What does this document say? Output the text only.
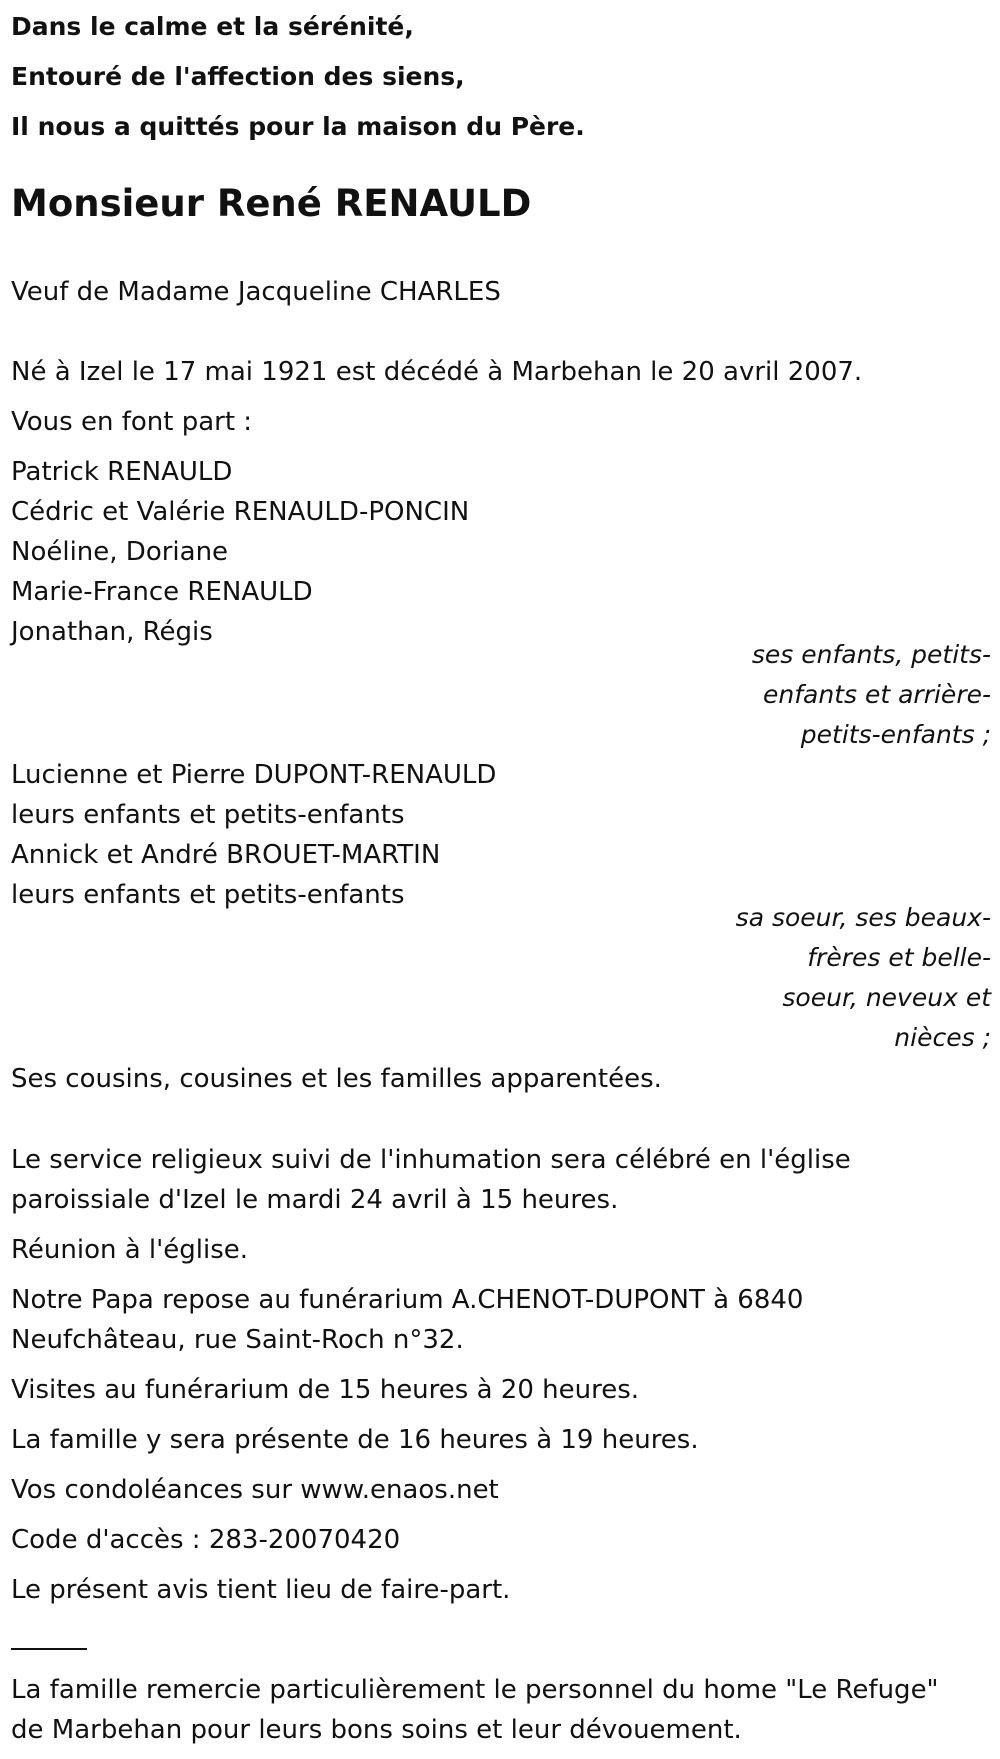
Dans le calme et la sérénité,

Entouré de l'affection des siens,

Il nous a quittés pour la maison du Père.

Monsieur René RENAULD

Veuf de Madame Jacqueline CHARLES

Né à Izel le 17 mai 1921 est décédé à Marbehan le 20 avril 2007.

Vous en font part :

Patrick RENAULD

Cédric et Valérie RENAULD-PONCIN

Noéline, Doriane

Marie-France RENAULD

Jonathan, Régis

ses enfants, petits-
enfants et arrière-
petits-enfants ;

Lucienne et Pierre DUPONT-RENAULD

leurs enfants et petits-enfants

Annick et André BROUET-MARTIN

leurs enfants et petits-enfants

sa soeur, ses beaux-
frères et belle-
soeur, neveux et
nièces ;

Ses cousins, cousines et les familles apparentées.

Le service religieux suivi de l'inhumation sera célébré en l'église

paroissiale d'Izel le mardi 24 avril à 15 heures.

Réunion à l'église.

Notre Papa repose au funérarium A.CHENOT-DUPONT à 6840

Neufchâteau, rue Saint-Roch n°32.

Visites au funérarium de 15 heures à 20 heures.

La famille y sera présente de 16 heures à 19 heures.

Vos condoléances sur www.enaos.net

Code d'accès : 283-20070420

Le présent avis tient lieu de faire-part.

La famille remercie particulièrement le personnel du home "Le Refuge"

de Marbehan pour leurs bons soins et leur dévouement.
